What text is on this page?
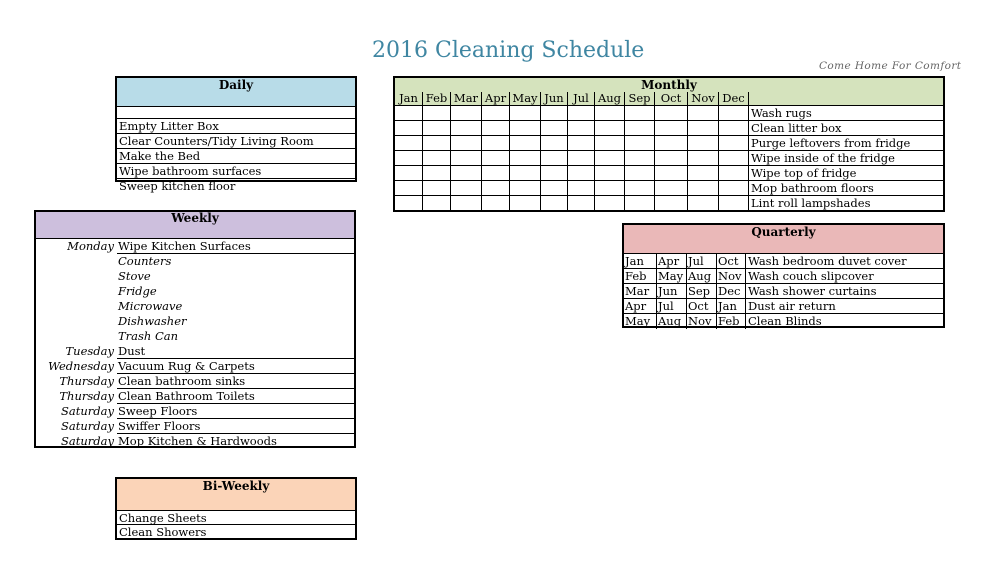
2016 Cleaning Schedule
Come Home For Comfort
Daily
Empty Litter Box
Clear Counters/Tidy Living Room
Make the Bed
Wipe bathroom surfaces
Sweep kitchen floor
Weekly
Monday Wipe Kitchen Surfaces
Counters
Stove
Fridge
Microwave
Dishwasher
Trash Can
Tuesday Dust
Wednesday Vacuum Rug & Carpets
Thursday Clean bathroom sinks
Thursday Clean Bathroom Toilets
Saturday Sweep Floors
Saturday Swiffer Floors
Saturday Mop Kitchen & Hardwoods
Bi-Weekly
Change Sheets
Clean Showers
Monthly
Jan Feb Mar Apr May Jun Jul Aug Sep Oct Nov Dec
Wash rugs
Clean litter box
Purge leftovers from fridge
Wipe inside of the fridge
Wipe top of fridge
Mop bathroom floors
Lint roll lampshades
Quarterly
Jan	Apr Jul	Oct Wash bedroom duvet cover
Feb May Aug Nov Wash couch slipcover
Mar Jun Sep Dec Wash shower curtains
Apr	Jul	Oct Jan Dust air return
May Aug Nov Feb Clean Blinds
